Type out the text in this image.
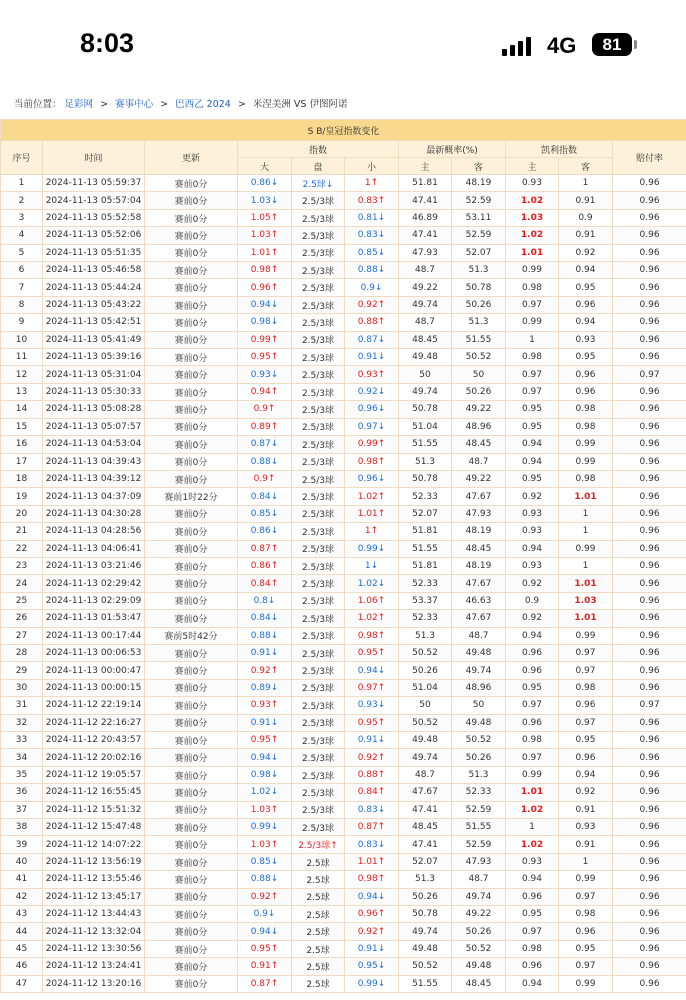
8:03	4G	81
当前位置： 足彩网 > 赛事中心 > 巴西乙 2024 > 米涅美洲 VS 伊图阿诺
S B/皇冠指数变化										
序号	时间	更新	指数			最新概率(%)		凯利指数		赔付率
			大	盘	小	主	客	主	客	
1	2024-11-13 05:59:37	赛前0分	0.86↓	2.5球↓	1↑	51.81	48.19	0.93	1	0.96
2	2024-11-13 05:57:04	赛前0分	1.03↓	2.5/3球	0.83↑	47.41	52.59	1.02	0.91	0.96
3	2024-11-13 05:52:58	赛前0分	1.05↑	2.5/3球	0.81↓	46.89	53.11	1.03	0.9	0.96
4	2024-11-13 05:52:06	赛前0分	1.03↑	2.5/3球	0.83↓	47.41	52.59	1.02	0.91	0.96
5	2024-11-13 05:51:35	赛前0分	1.01↑	2.5/3球	0.85↓	47.93	52.07	1.01	0.92	0.96
6	2024-11-13 05:46:58	赛前0分	0.98↑	2.5/3球	0.88↓	48.7	51.3	0.99	0.94	0.96
7	2024-11-13 05:44:24	赛前0分	0.96↑	2.5/3球	0.9↓	49.22	50.78	0.98	0.95	0.96
8	2024-11-13 05:43:22	赛前0分	0.94↓	2.5/3球	0.92↑	49.74	50.26	0.97	0.96	0.96
9	2024-11-13 05:42:51	赛前0分	0.98↓	2.5/3球	0.88↑	48.7	51.3	0.99	0.94	0.96
10	2024-11-13 05:41:49	赛前0分	0.99↑	2.5/3球	0.87↓	48.45	51.55	1	0.93	0.96
11	2024-11-13 05:39:16	赛前0分	0.95↑	2.5/3球	0.91↓	49.48	50.52	0.98	0.95	0.96
12	2024-11-13 05:31:04	赛前0分	0.93↓	2.5/3球	0.93↑	50	50	0.97	0.96	0.97
13	2024-11-13 05:30:33	赛前0分	0.94↑	2.5/3球	0.92↓	49.74	50.26	0.97	0.96	0.96
14	2024-11-13 05:08:28	赛前0分	0.9↑	2.5/3球	0.96↓	50.78	49.22	0.95	0.98	0.96
15	2024-11-13 05:07:57	赛前0分	0.89↑	2.5/3球	0.97↓	51.04	48.96	0.95	0.98	0.96
16	2024-11-13 04:53:04	赛前0分	0.87↓	2.5/3球	0.99↑	51.55	48.45	0.94	0.99	0.96
17	2024-11-13 04:39:43	赛前0分	0.88↓	2.5/3球	0.98↑	51.3	48.7	0.94	0.99	0.96
18	2024-11-13 04:39:12	赛前0分	0.9↑	2.5/3球	0.96↓	50.78	49.22	0.95	0.98	0.96
19	2024-11-13 04:37:09	赛前1时22分	0.84↓	2.5/3球	1.02↑	52.33	47.67	0.92	1.01	0.96
20	2024-11-13 04:30:28	赛前0分	0.85↓	2.5/3球	1.01↑	52.07	47.93	0.93	1	0.96
21	2024-11-13 04:28:56	赛前0分	0.86↓	2.5/3球	1↑	51.81	48.19	0.93	1	0.96
22	2024-11-13 04:06:41	赛前0分	0.87↑	2.5/3球	0.99↓	51.55	48.45	0.94	0.99	0.96
23	2024-11-13 03:21:46	赛前0分	0.86↑	2.5/3球	1↓	51.81	48.19	0.93	1	0.96
24	2024-11-13 02:29:42	赛前0分	0.84↑	2.5/3球	1.02↓	52.33	47.67	0.92	1.01	0.96
25	2024-11-13 02:29:09	赛前0分	0.8↓	2.5/3球	1.06↑	53.37	46.63	0.9	1.03	0.96
26	2024-11-13 01:53:47	赛前0分	0.84↓	2.5/3球	1.02↑	52.33	47.67	0.92	1.01	0.96
27	2024-11-13 00:17:44	赛前5时42分	0.88↓	2.5/3球	0.98↑	51.3	48.7	0.94	0.99	0.96
28	2024-11-13 00:06:53	赛前0分	0.91↓	2.5/3球	0.95↑	50.52	49.48	0.96	0.97	0.96
29	2024-11-13 00:00:47	赛前0分	0.92↑	2.5/3球	0.94↓	50.26	49.74	0.96	0.97	0.96
30	2024-11-13 00:00:15	赛前0分	0.89↓	2.5/3球	0.97↑	51.04	48.96	0.95	0.98	0.96
31	2024-11-12 22:19:14	赛前0分	0.93↑	2.5/3球	0.93↓	50	50	0.97	0.96	0.97
32	2024-11-12 22:16:27	赛前0分	0.91↓	2.5/3球	0.95↑	50.52	49.48	0.96	0.97	0.96
33	2024-11-12 20:43:57	赛前0分	0.95↑	2.5/3球	0.91↓	49.48	50.52	0.98	0.95	0.96
34	2024-11-12 20:02:16	赛前0分	0.94↓	2.5/3球	0.92↑	49.74	50.26	0.97	0.96	0.96
35	2024-11-12 19:05:57	赛前0分	0.98↓	2.5/3球	0.88↑	48.7	51.3	0.99	0.94	0.96
36	2024-11-12 16:55:45	赛前0分	1.02↓	2.5/3球	0.84↑	47.67	52.33	1.01	0.92	0.96
37	2024-11-12 15:51:32	赛前0分	1.03↑	2.5/3球	0.83↓	47.41	52.59	1.02	0.91	0.96
38	2024-11-12 15:47:48	赛前0分	0.99↓	2.5/3球	0.87↑	48.45	51.55	1	0.93	0.96
39	2024-11-12 14:07:22	赛前0分	1.03↑	2.5/3球↑	0.83↓	47.41	52.59	1.02	0.91	0.96
40	2024-11-12 13:56:19	赛前0分	0.85↓	2.5球	1.01↑	52.07	47.93	0.93	1	0.96
41	2024-11-12 13:55:46	赛前0分	0.88↓	2.5球	0.98↑	51.3	48.7	0.94	0.99	0.96
42	2024-11-12 13:45:17	赛前0分	0.92↑	2.5球	0.94↓	50.26	49.74	0.96	0.97	0.96
43	2024-11-12 13:44:43	赛前0分	0.9↓	2.5球	0.96↑	50.78	49.22	0.95	0.98	0.96
44	2024-11-12 13:32:04	赛前0分	0.94↓	2.5球	0.92↑	49.74	50.26	0.97	0.96	0.96
45	2024-11-12 13:30:56	赛前0分	0.95↑	2.5球	0.91↓	49.48	50.52	0.98	0.95	0.96
46	2024-11-12 13:24:41	赛前0分	0.91↑	2.5球	0.95↓	50.52	49.48	0.96	0.97	0.96
47	2024-11-12 13:20:16	赛前0分	0.87↑	2.5球	0.99↓	51.55	48.45	0.94	0.99	0.96
